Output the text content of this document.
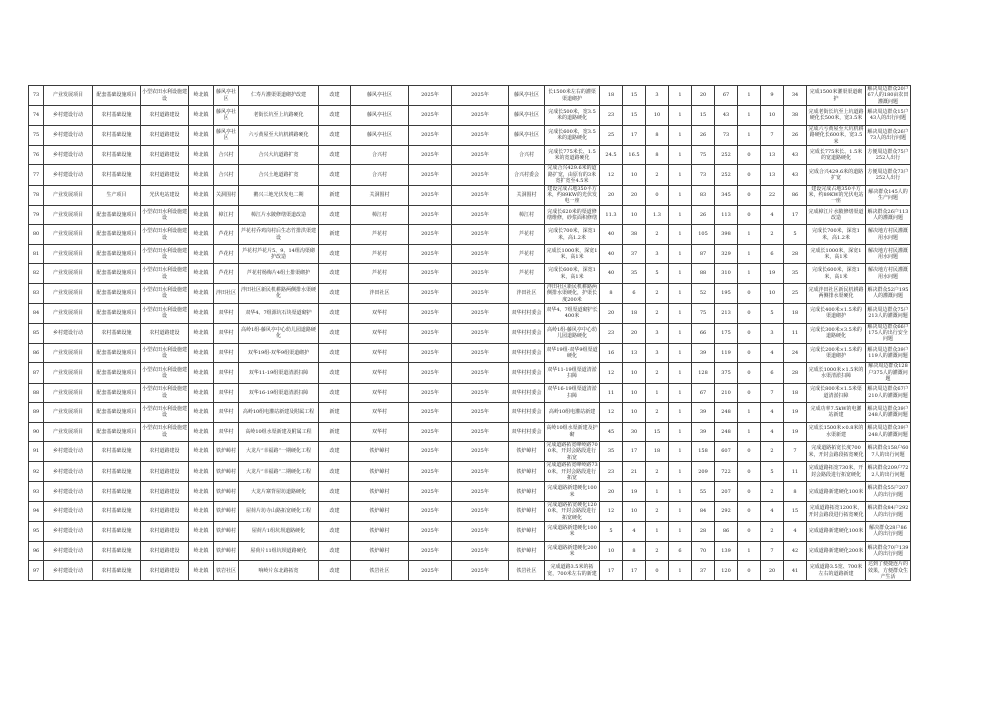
73	产业发展项目	配套基础设施项目	小型农田水利设施建设	岭北镇	藤风亭社区	仁寿片灌渠渠道砌护改建	改建	藤风亭社区	2025年	2025年	藤风亭社区	长1500米左右的灌渠渠道砌护	18	15	3	1	20	67	1	9	34	完成1500米灌渠渠道砌护	解决周边群众20户67人的180亩农田灌溉问题
74	乡村建设行动	农村基础设施	农村道路建设	岭北镇	藤风亭社区	老街长坑至上坑路硬化	改建	藤风亭社区	2025年	2025年	藤风亭社区	完成长500米，宽3.5米的道路硬化	23	15	10	1	15	43	1	10	38	完成老街长坑至上坑道路硬化长500米，宽3.5米	解决周边群众15户43人的出行问题
75	乡村建设行动	农村基础设施	农村道路建设	岭北镇	藤风亭社区	六亏黄屋至大坑机耕路硬化	改建	藤风亭社区	2025年	2025年	藤风亭社区	完成长600米，宽3.5米的道路硬化	25	17	8	1	26	73	1	7	26	完成六亏黄屋至大坑机耕路硬化长600米，宽3.5米	解决周边群众26户73人的出行问题
76	乡村建设行动	农村基础设施	农村道路建设	岭北镇	合兴村	合兴大坑道路扩宽	改建	合兴村	2025年	2025年	合兴村	完成长775米长、1.5米的宽道路硬化	24.5	16.5	8	1	75	252	0	13	43	完成长775米长、1.5米的宽道路硬化	方便周边群众75户252人出行
77	乡村建设行动	农村基础设施	农村道路建设	岭北镇	合兴村	合兴土地道路扩宽	改建	合兴村	2025年	2025年	合兴村委会	完成合兴429.6米的道路扩宽，由原有的3米宽扩宽至4.5米	12	10	2	1	73	252	0	13	43	完成合兴429.6米的道路扩宽	方便周边群众73户252人出行
78	产业发展项目	生产项目	光伏电站建设	岭北镇	关洞围村	鹅兴三地光伏发电二期	新建	关洞围村	2025年	2025年	关洞围村	建设完成占地350平方米，约89KW的光伏发电一座	20	20	0	1	83	345	0	22	86	建设完成占地350平方米，约89KW的光伏电站一座	解决群众145人的生产问题
79	产业发展项目	配套基础设施项目	小型农田水利设施建设	岭北镇	樟江村	樟江片水陂修缮渠道改造	改建	樟江村	2025年	2025年	樟江村	完成长620米的渠道修缮维修，砂浆面积修缮	11.3	10	1.3	1	26	113	0	4	17	完成樟江片水陂修缮渠道改造	解决群众26户113人的灌溉问题
80	产业发展项目	配套基础设施项目	小型农田水利设施建设	岭北镇	芦花村	芦花村乔鸡岗村后生态竹排洪渠建设	新建	芦花村	2025年	2025年	芦花村	完成长700米，深宽1米，高1.2米	40	38	2	1	105	398	1	2	5	完成长700米，深宽1米，高1.2米	解决地方村民灌溉用水问题
81	产业发展项目	配套基础设施项目	小型农田水利设施建设	岭北镇	芦花村	芦花村芦花片5、9、14组沟渠砌护改造	改建	芦花村	2025年	2025年	芦花村	完成长1000米，深宽1米，高1米	40	37	3	1	87	329	1	6	28	完成长1000米，深宽1米，高1米	解决地方村民灌溉用水问题
82	产业发展项目	配套基础设施项目	小型农田水利设施建设	岭北镇	芦花村	芦花村杨梅片4组土排渠砌护	改建	芦花村	2025年	2025年	芦花村	完成长600米，深宽1米，高1米	40	35	5	1	88	310	1	19	35	完成长600米，深宽1米，高1米	解决地方村民灌溉用水问题
83	产业发展项目	配套基础设施项目	小型农田水利设施建设	岭北镇	泮田社区	泮田社区新民机耕路两侧排水渠硬化	改建	泮田社区	2025年	2025年	泮田社区	泮田社区新民机耕路两侧排水渠硬化，护渠长度200米	8	6	2	1	52	195	0	10	25	完成泮田社区新民机耕路两侧排水渠硬化	解决群众52户195人的灌溉问题
84	产业发展项目	配套基础设施项目	小型农田水利设施建设	岭北镇	双华村	双华4、7组源坑石块渠道砌护	改建	双华村	2025年	2025年	双华村村委会	双华4、7组渠道砌护长400米	20	18	2	1	75	213	0	5	18	完成长400米×1.5米的渠道砌护	解决周边群众75户213人的灌溉问题
85	乡村建设行动	农村基础设施	农村道路建设	岭北镇	双华村	高岭1组-藤风亭中心幼儿园道路硬化	改建	双华村	2025年	2025年	双华村村委会	高岭1组-藤风亭中心幼儿园道路硬化	23	20	3	1	66	175	0	3	11	完成长300米×3.5米的道路硬化	解决周边群众66户175人的出行安全问题
86	产业发展项目	配套基础设施项目	小型农田水利设施建设	岭北镇	双华村	双华19组-双华9组渠道砌护	改建	双华村	2025年	2025年	双华村村委会	双华19组-双华9组渠道硬化	16	13	3	1	39	119	0	4	24	完成长200米×1.5米的渠道砌护	解决周边群众39户119人的灌溉问题
87	产业发展项目	配套基础设施项目	小型农田水利设施建设	岭北镇	双华村	双华11-19组渠道清淤扫障	改建	双华村	2025年	2025年	双华村村委会	双华11-19组渠道清淤扫障	12	10	2	1	128	375	0	6	28	完成长1000米×1.5米的水渠清淤扫障	解决周边群众128户375人的灌溉问题
88	产业发展项目	配套基础设施项目	小型农田水利设施建设	岭北镇	双华村	双华16-19组渠道清淤扫障	改建	双华村	2025年	2025年	双华村村委会	双华16-19组渠道清淤扫障	11	10	1	1	67	210	0	7	18	完成长800米×1.5米渠道清淤扫障	解决周边群众67户210人的灌溉问题
89	产业发展项目	配套基础设施项目	小型农田水利设施建设	岭北镇	双华村	高岭10组电灌站新建及附属工程	新建	双华村	2025年	2025年	双华村村委会	高岭10组电灌站新建	12	10	2	1	39	248	1	4	19	完成功率7.5kW的电灌站新建	解决周边群众39户248人的灌溉问题
90	产业发展项目	配套基础设施项目	小型农田水利设施建设	岭北镇	双华村	高岭10组水渠新建及附属工程	新建	双华村	2025年	2025年	双华村村委会	高岭10组水渠新建及护砌	45	30	15	1	39	248	1	4	19	完成长1500米×0.8米的水渠新建	解决周边群众39户248人的灌溉问题
91	乡村建设行动	农村基础设施	农村道路建设	岭北镇	铁炉嶂村	大龙片“幸福路”一期硬化工程	改建	铁炉嶂村	2025年	2025年	铁炉嶂村	完成道路拓宽峰岭路700米，开封会路段进行拓宽	35	17	18	1	158	607	0	2	7	完成道路拓宽长度700米，开封会路段拓宽硬化	解决群众158户607人的出行问题
92	乡村建设行动	农村基础设施	农村道路建设	岭北镇	铁炉嶂村	大龙片“幸福路”二期硬化工程	改建	铁炉嶂村	2025年	2025年	铁炉嶂村	完成道路拓宽峰岭路730米，开封会路段进行拓宽	23	21	2	1	209	722	0	5	11	完成道路拓宽730米，开封会路段进行拓宽硬化	解决群众209户722人的出行问题
93	乡村建设行动	农村基础设施	农村道路建设	岭北镇	铁炉嶂村	大龙片寨背屋坊道路硬化	改建	铁炉嶂村	2025年	2025年	铁炉嶂村	完成道路新建硬化100米	20	19	1	1	55	207	0	2	8	完成道路新建硬化100米	解决群众55户207人的出行问题
94	乡村建设行动	农村基础设施	农村道路建设	岭北镇	铁炉嶂村	屋荷片坊寺山路拓宽硬化工程	改建	铁炉嶂村	2025年	2025年	铁炉嶂村	完成道路拓宽硬化1200米，开封会路段进行拓宽硬化	12	10	2	1	84	292	0	4	15	完成道路拓宽1200米，开封会路段进行拓宽硬化	解决群众84户292人的出行问题
95	乡村建设行动	农村基础设施	农村道路建设	岭北镇	铁炉嶂村	屋荷片1组坑坝道路硬化	改建	铁炉嶂村	2025年	2025年	铁炉嶂村	完成道路新建硬化100米	5	4	1	1	28	86	0	2	4	完成道路新建硬化100米	解决群众28户86人的出行问题
96	乡村建设行动	农村基础设施	农村道路建设	岭北镇	铁炉嶂村	屋荷片11组坑坝道路硬化	改建	铁炉嶂村	2025年	2025年	铁炉嶂村	完成道路新建硬化200米	10	8	2	6	70	139	1	7	42	完成道路新建硬化200米	解决群众70户139人的出行问题
97	乡村建设行动	农村基础设施	农村道路建设	岭北镇	铁岩社区	响岭片东北路拓宽	改建	铁岩社区	2025年	2025年	铁岩社区	完成道路3.5米的拓宽，700米左右的新建	17	17	0	1	37	120	0	20	41	完成道路3.5宽、700米左右的道路新建	达到了便捷连片的效果，方便群众生产生活
